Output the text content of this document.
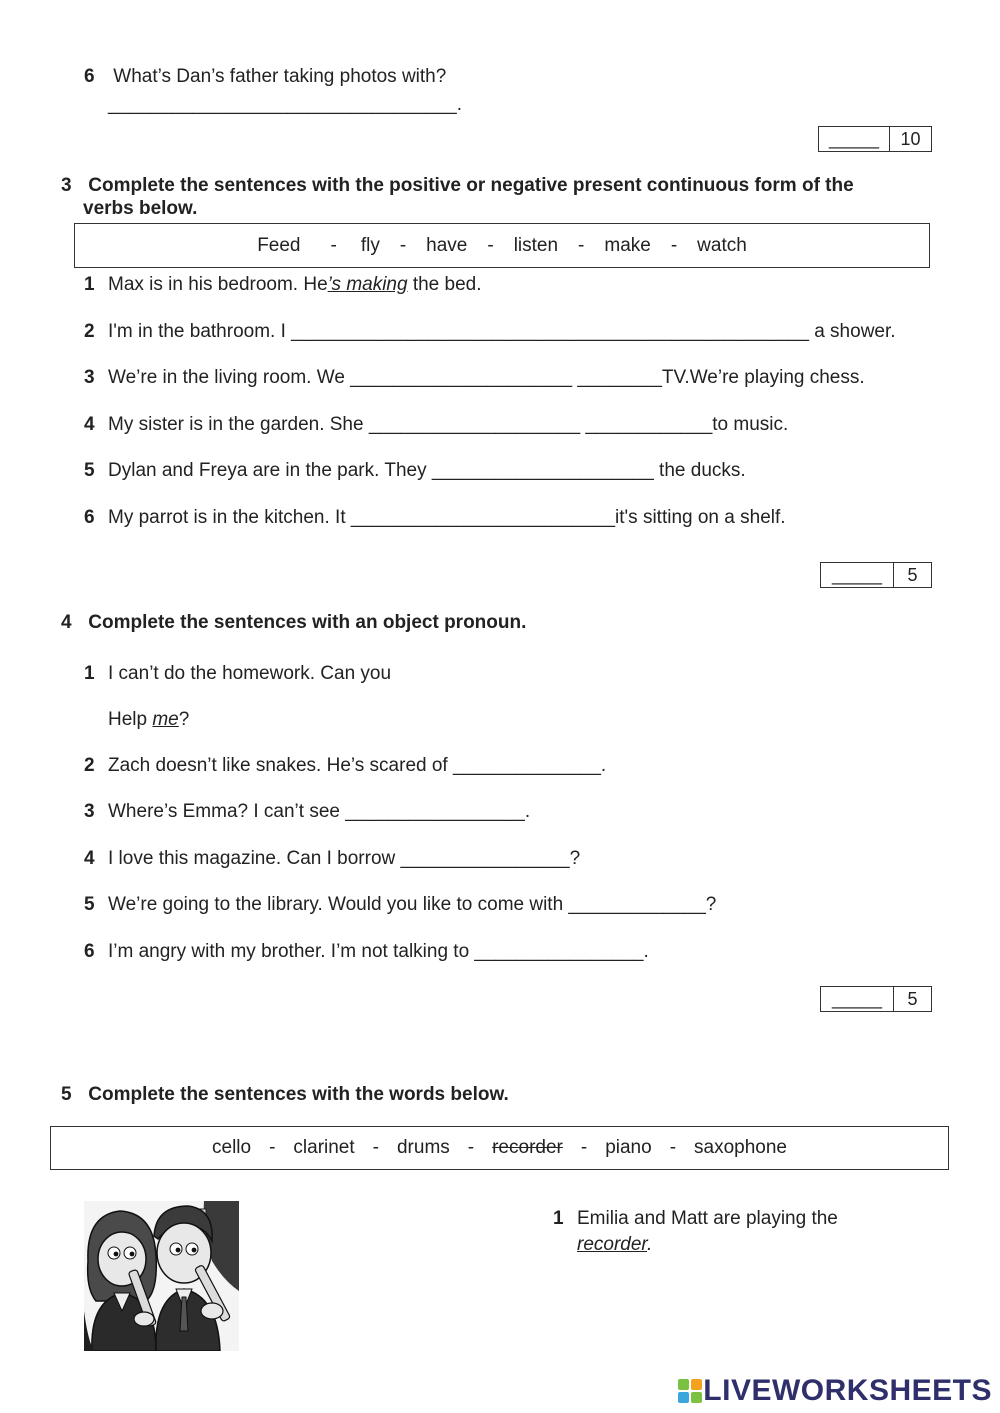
6 What’s Dan’s father taking photos with?
_________________________________.
_____	10
3 Complete the sentences with the positive or negative present continuous form of the
verbs below.
Feed - fly - have - listen - make - watch
1 Max is in his bedroom. He’s making the bed.
2 I'm in the bathroom. I _________________________________________________ a shower.
3 We’re in the living room. We _____________________ ________TV.We’re playing chess.
4 My sister is in the garden. She ____________________ ____________to music.
5 Dylan and Freya are in the park. They _____________________ the ducks.
6 My parrot is in the kitchen. It _________________________it's sitting on a shelf.
_____	5
4 Complete the sentences with an object pronoun.
1 I can’t do the homework. Can you
Help me?
2 Zach doesn’t like snakes. He’s scared of ______________.
3 Where’s Emma? I can’t see _________________.
4 I love this magazine. Can I borrow ________________?
5 We’re going to the library. Would you like to come with _____________?
6 I’m angry with my brother. I’m not talking to ________________.
_____	5
5 Complete the sentences with the words below.
cello - clarinet - drums - recorder - piano - saxophone
1 Emilia and Matt are playing the
recorder.
LIVEWORKSHEETS
